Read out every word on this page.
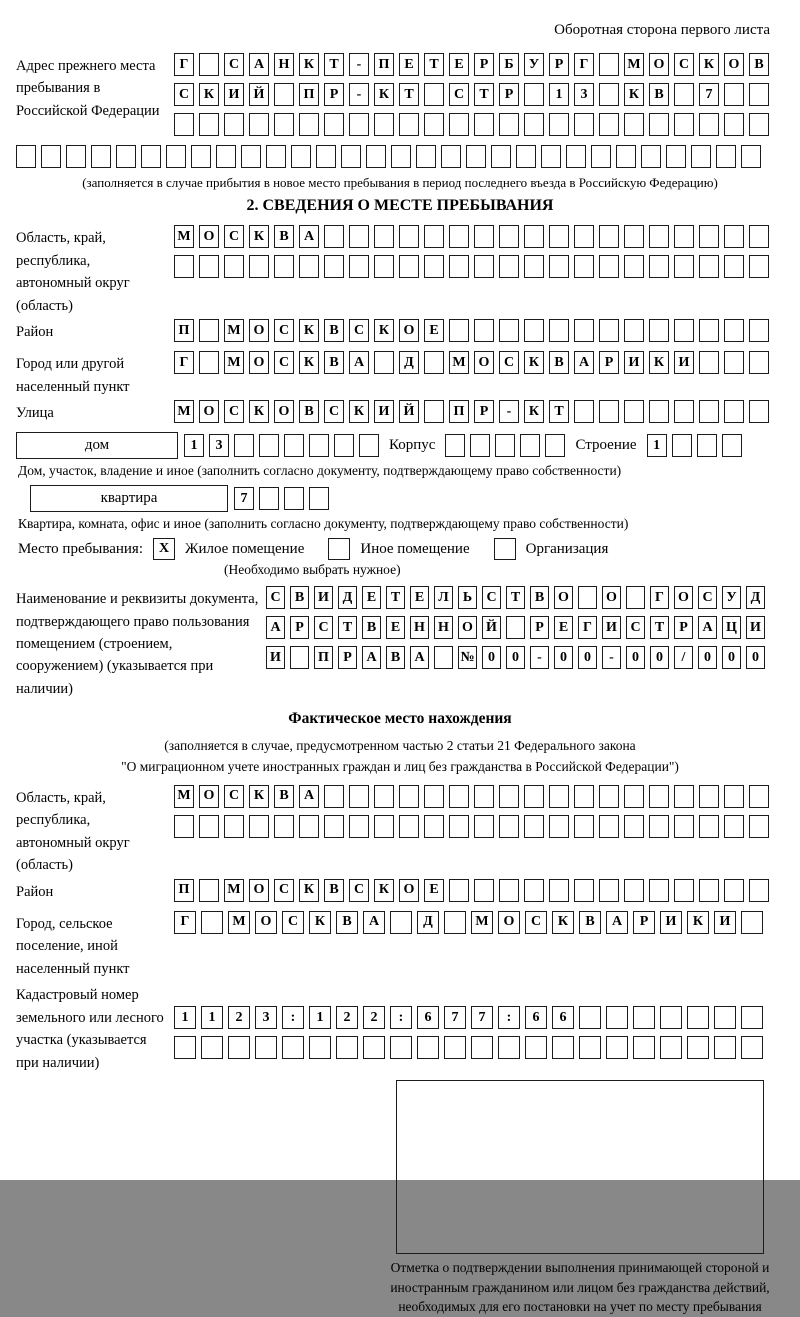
Оборотная сторона первого листа
Адрес прежнего места пребывания в Российской Федерации
Г	С	А	Н	К	Т	-	П	Е	Т	Е	Р	Б	У	Р	Г	М О	С	К	О	В
С	К	И	Й	П	Р	-	К	Т	С	Т	Р	1	3	К	В	7
(заполняется в случае прибытия в новое место пребывания в период последнего въезда в Российскую Федерацию)
2. СВЕДЕНИЯ О МЕСТЕ ПРЕБЫВАНИЯ
Область, край, республика, автономный округ (область)
М О	С	К	В	А
Район	П	М О	С	К	В	С	К	О	Е
Город или другой населенный пункт
Г	М О	С	К	В	А	Д	М О	С	К	В	А	Р	И	К	И
Улица	М О	С	К	О	В	С	К	И	Й	П	Р	-	К	Т
дом	1	3	Корпус	Строение	1
Дом, участок, владение и иное (заполнить согласно документу, подтверждающему право собственности)
квартира	7
Квартира, комната, офис и иное (заполнить согласно документу, подтверждающему право собственности)
Место пребывания:	X	Жилое помещение	Иное помещение	Организация
(Необходимо выбрать нужное)
Наименование и реквизиты документа, подтверждающего право пользования помещением (строением, сооружением) (указывается при наличии)
С	В И Д	Е	Т	Е	Л	Ь	С	Т	В О	О	Г	О С У	Д
А	Р	С	Т	В	Е Н Н О Й	Р	Е	Г	И С	Т	Р	А Ц И
И	П	Р	А	В	А	№ 0	0	-	0	0	-	0	0	/	0	0	0
Фактическое место нахождения
(заполняется в случае, предусмотренном частью 2 статьи 21 Федерального закона
"О миграционном учете иностранных граждан и лиц без гражданства в Российской Федерации")
Область, край, республика, автономный округ (область)
М О	С	К	В	А
Район	П	М О	С	К	В	С	К	О	Е
Город, сельское поселение, иной населенный пункт
Г	М	О	С	К	В	А	Д	М	О	С	К	В	А	Р	И	К	И
Кадастровый номер земельного или лесного участка (указывается при наличии)
1	1	2	3	:	1	2	2	:	6	7	7	:	6	6
Отметка о подтверждении выполнения принимающей стороной и иностранным гражданином или лицом без гражданства действий, необходимых для его постановки на учет по месту пребывания
